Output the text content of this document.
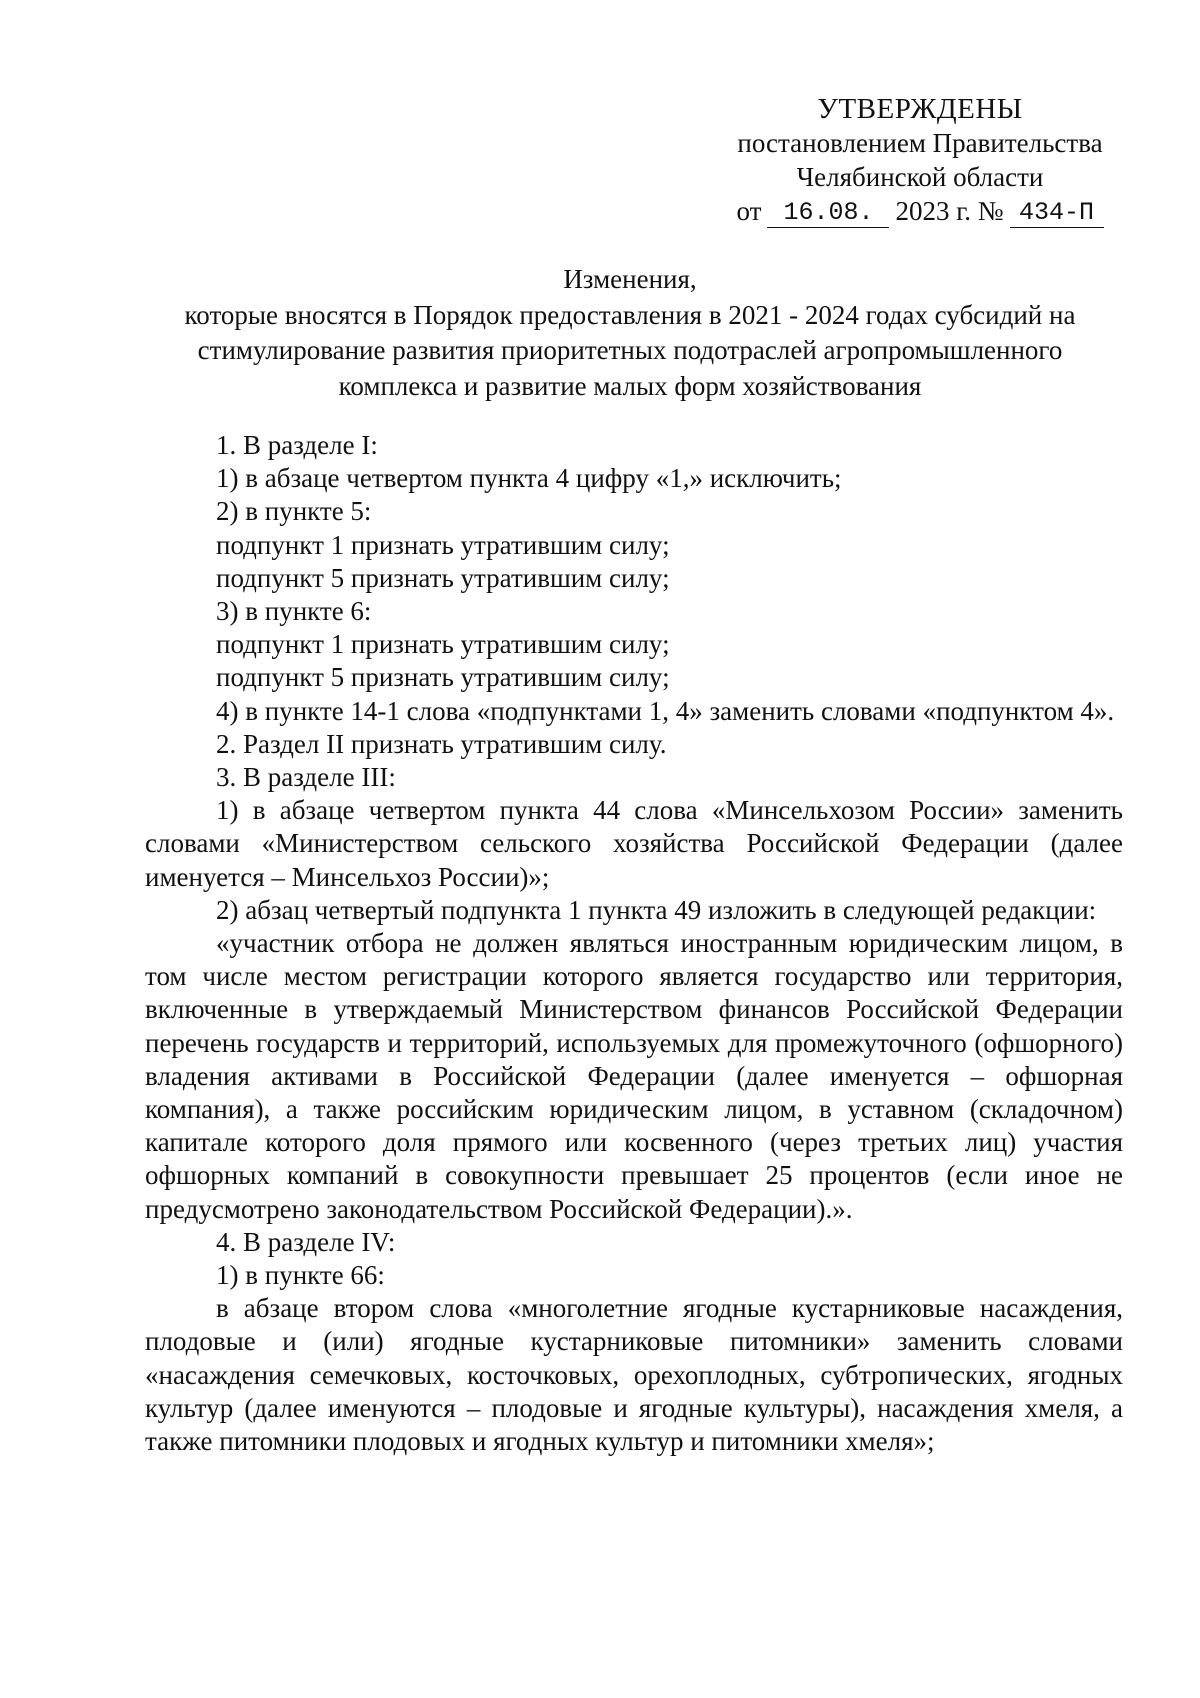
УТВЕРЖДЕНЫ
постановлением Правительства
Челябинской области
от 16.08. 2023 г. № 434-П
Изменения,
которые вносятся в Порядок предоставления в 2021 - 2024 годах субсидий на стимулирование развития приоритетных подотраслей агропромышленного комплекса и развитие малых форм хозяйствования

1. В разделе I:

1) в абзаце четвертом пункта 4 цифру «1,» исключить;

2) в пункте 5:

подпункт 1 признать утратившим силу;

подпункт 5 признать утратившим силу;

3) в пункте 6:

подпункт 1 признать утратившим силу;

подпункт 5 признать утратившим силу;

4) в пункте 14-1 слова «подпунктами 1, 4» заменить словами «подпунктом 4».

2. Раздел II признать утратившим силу.

3. В разделе III:

1) в абзаце четвертом пункта 44 слова «Минсельхозом России» заменить словами «Министерством сельского хозяйства Российской Федерации (далее именуется – Минсельхоз России)»;

2) абзац четвертый подпункта 1 пункта 49 изложить в следующей редакции:

«участник отбора не должен являться иностранным юридическим лицом, в том числе местом регистрации которого является государство или территория, включенные в утверждаемый Министерством финансов Российской Федерации перечень государств и территорий, используемых для промежуточного (офшорного) владения активами в Российской Федерации (далее именуется – офшорная компания), а также российским юридическим лицом, в уставном (складочном) капитале которого доля прямого или косвенного (через третьих лиц) участия офшорных компаний в совокупности превышает 25 процентов (если иное не предусмотрено законодательством Российской Федерации).».

4. В разделе IV:

1) в пункте 66:

в абзаце втором слова «многолетние ягодные кустарниковые насаждения, плодовые и (или) ягодные кустарниковые питомники» заменить словами «насаждения семечковых, косточковых, орехоплодных, субтропических, ягодных культур (далее именуются – плодовые и ягодные культуры), насаждения хмеля, а также питомники плодовых и ягодных культур и питомники хмеля»;
